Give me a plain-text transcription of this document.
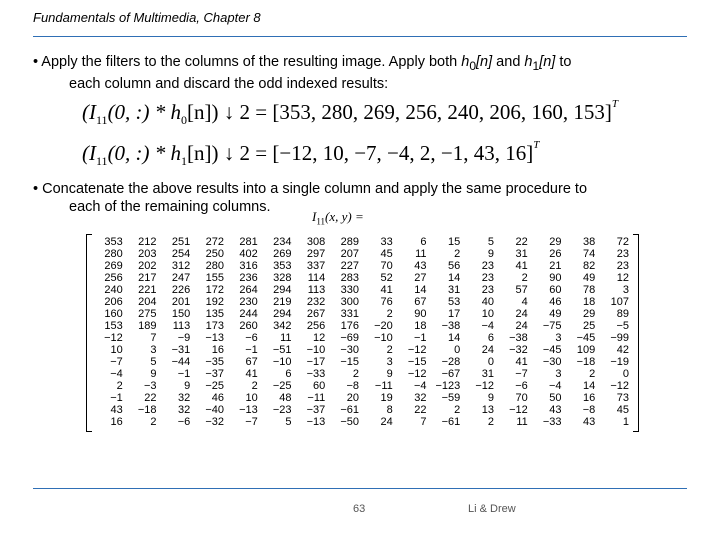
Fundamentals of Multimedia, Chapter 8
• Apply the filters to the columns of the resulting image. Apply both $h_0[n]$ and $h_1[n]$ to
each column and discard the odd indexed results:
($I_{11}(0$, :) * $h_0[n]$) ↓ 2 = [353, 280, 269, 256, 240, 206, 160, 153]$^T$
($I_{11}(0$, :) * $h_1[n]$) ↓ 2 = [−12, 10, −7, −4, 2, −1, 43, 16]$^T$
• Concatenate the above results into a single column and apply the same procedure to
each of the remaining columns.
$I_{11}(x$, y) =
353	212	251	272	281	234	308	289	33	6	15	5	22	29	38	72
280	203	254	250	402	269	297	207	45	11	2	9	31	26	74	23
269	202	312	280	316	353	337	227	70	43	56	23	41	21	82	23
256	217	247	155	236	328	114	283	52	27	14	23	2	90	49	12
240	221	226	172	264	294	113	330	41	14	31	23	57	60	78	3
206	204	201	192	230	219	232	300	76	67	53	40	4	46	18	107
160	275	150	135	244	294	267	331	2	90	17	10	24	49	29	89
153	189	113	173	260	342	256	176	−20	18	−38	−4	24	−75	25	−5
−12	7	−9	−13	−6	11	12	−69	−10	−1	14	6	−38	3	−45	−99
10	3	−31	16	−1	−51	−10	−30	2	−12	0	24	−32	−45	109	42
−7	5	−44	−35	67	−10	−17	−15	3	−15	−28	0	41	−30	−18	−19
−4	9	−1	−37	41	6	−33	2	9	−12	−67	31	−7	3	2	0
2	−3	9	−25	2	−25	60	−8	−11	−4	−123	−12	−6	−4	14	−12
−1	22	32	46	10	48	−11	20	19	32	−59	9	70	50	16	73
43	−18	32	−40	−13	−23	−37	−61	8	22	2	13	−12	43	−8	45
16	2	−6	−32	−7	5	−13	−50	24	7	−61	2	11	−33	43	1
63	Li & Drew
